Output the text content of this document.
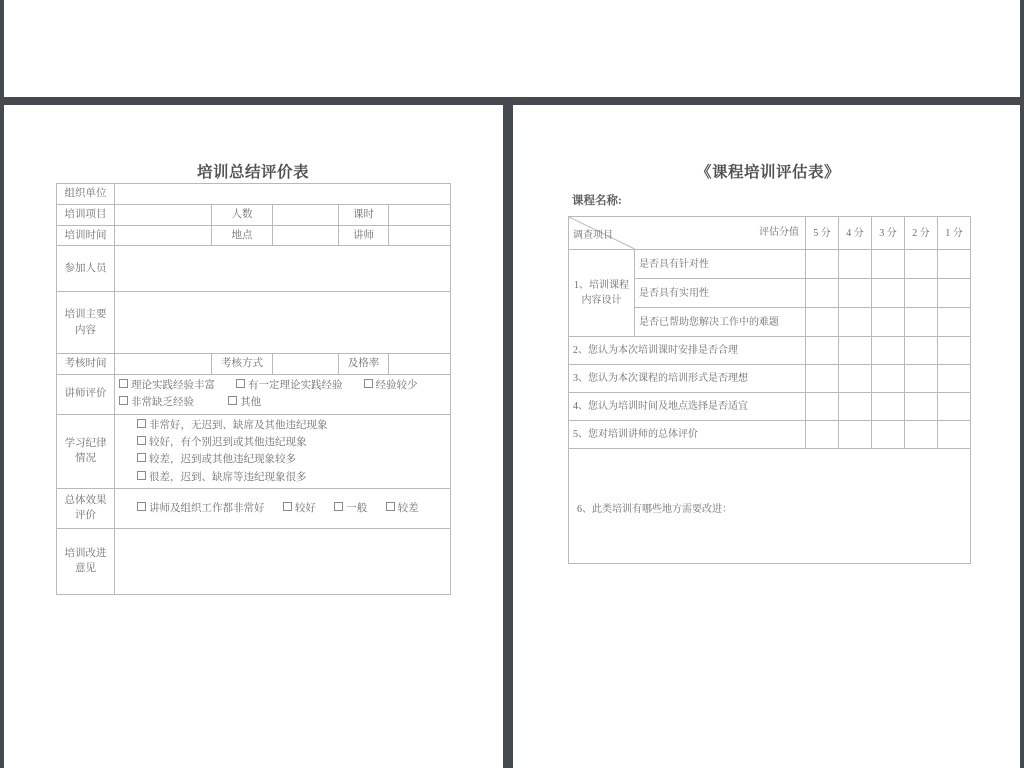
培训总结评价表
组织单位					
培训项目		人数		课时	
培训时间		地点		讲师	
参加人员					
培训主要
内容					
考核时间		考核方式		及格率	
讲师评价	理论实践经验丰富 有一定理论实践经验 经验较少
非常缺乏经验 其他				

学习纪律
情况	非常好，无迟到、缺席及其他违纪现象
较好，有个别迟到或其他违纪现象
较差，迟到或其他违纪现象较多
很差，迟到、缺席等违纪现象很多				

总体效果
评价	讲师及组织工作都非常好 较好 一般 较差				
培训改进
意见					
《课程培训评估表》
课程名称:
调查项目 评估分值		5 分	4 分	3 分	2 分	1 分
1、培训课程
内容设计	是否具有针对性					
	是否具有实用性					
	是否已帮助您解决工作中的难题					
2、您认为本次培训课时安排是否合理						
3、您认为本次课程的培训形式是否理想						
4、您认为培训时间及地点选择是否适宜						
5、您对培训讲师的总体评价						

6、此类培训有哪些地方需要改进：						
